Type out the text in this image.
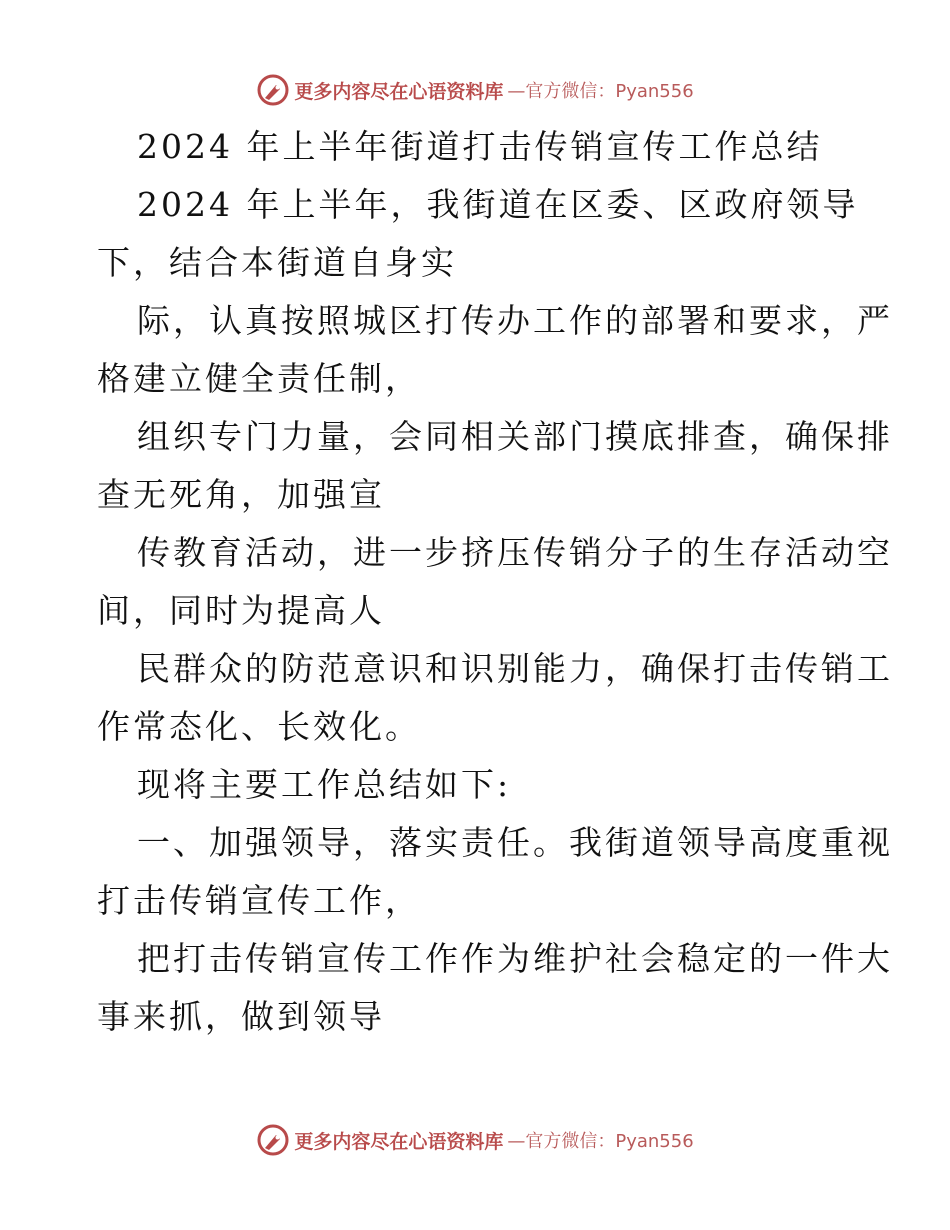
更多内容尽在心语资料库 —官方微信：Pyan556
2024 年上半年街道打击传销宣传工作总结
2024 年上半年，我街道在区委、区政府领导
下，结合本街道自身实
际，认真按照城区打传办工作的部署和要求，严
格建立健全责任制，
组织专门力量，会同相关部门摸底排查，确保排
查无死角，加强宣
传教育活动，进一步挤压传销分子的生存活动空
间，同时为提高人
民群众的防范意识和识别能力，确保打击传销工
作常态化、长效化。
现将主要工作总结如下:
一、加强领导，落实责任。我街道领导高度重视
打击传销宣传工作，
把打击传销宣传工作作为维护社会稳定的一件大
事来抓，做到领导
更多内容尽在心语资料库 —官方微信：Pyan556
